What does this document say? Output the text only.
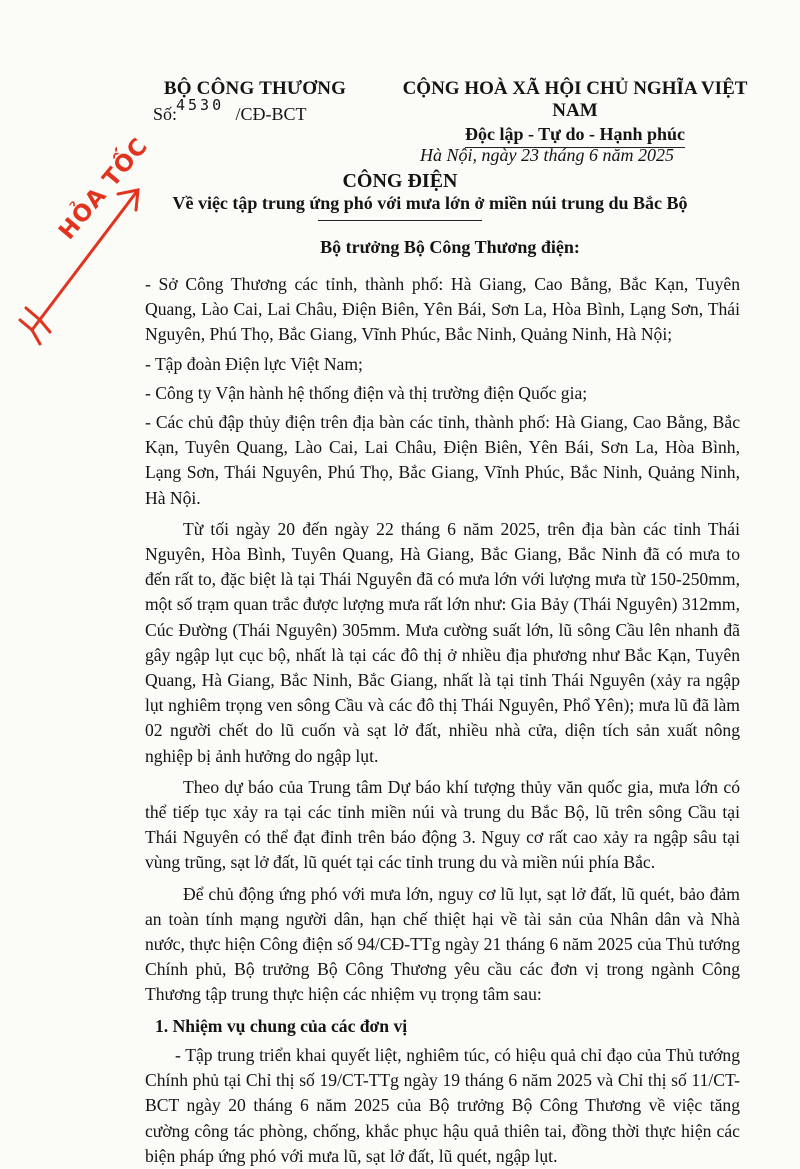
BỘ CÔNG THƯƠNG
Số:
4530 /CĐ-BCT
CỘNG HOÀ XÃ HỘI CHỦ NGHĨA VIỆT NAM
Độc lập - Tự do - Hạnh phúc
Hà Nội, ngày 23 tháng 6 năm 2025
HỎA TỐC	CÔNG ĐIỆN
Về việc tập trung ứng phó với mưa lớn ở miền núi trung du Bắc Bộ
Bộ trưởng Bộ Công Thương điện:

- Sở Công Thương các tỉnh, thành phố: Hà Giang, Cao Bằng, Bắc Kạn, Tuyên Quang, Lào Cai, Lai Châu, Điện Biên, Yên Bái, Sơn La, Hòa Bình, Lạng Sơn, Thái Nguyên, Phú Thọ, Bắc Giang, Vĩnh Phúc, Bắc Ninh, Quảng Ninh, Hà Nội;

- Tập đoàn Điện lực Việt Nam;

- Công ty Vận hành hệ thống điện và thị trường điện Quốc gia;

- Các chủ đập thủy điện trên địa bàn các tỉnh, thành phố: Hà Giang, Cao Bằng, Bắc Kạn, Tuyên Quang, Lào Cai, Lai Châu, Điện Biên, Yên Bái, Sơn La, Hòa Bình, Lạng Sơn, Thái Nguyên, Phú Thọ, Bắc Giang, Vĩnh Phúc, Bắc Ninh, Quảng Ninh, Hà Nội.

Từ tối ngày 20 đến ngày 22 tháng 6 năm 2025, trên địa bàn các tỉnh Thái Nguyên, Hòa Bình, Tuyên Quang, Hà Giang, Bắc Giang, Bắc Ninh đã có mưa to đến rất to, đặc biệt là tại Thái Nguyên đã có mưa lớn với lượng mưa từ 150-250mm, một số trạm quan trắc được lượng mưa rất lớn như: Gia Bảy (Thái Nguyên) 312mm, Cúc Đường (Thái Nguyên) 305mm. Mưa cường suất lớn, lũ sông Cầu lên nhanh đã gây ngập lụt cục bộ, nhất là tại các đô thị ở nhiều địa phương như Bắc Kạn, Tuyên Quang, Hà Giang, Bắc Ninh, Bắc Giang, nhất là tại tỉnh Thái Nguyên (xảy ra ngập lụt nghiêm trọng ven sông Cầu và các đô thị Thái Nguyên, Phổ Yên); mưa lũ đã làm 02 người chết do lũ cuốn và sạt lở đất, nhiều nhà cửa, diện tích sản xuất nông nghiệp bị ảnh hưởng do ngập lụt.

Theo dự báo của Trung tâm Dự báo khí tượng thủy văn quốc gia, mưa lớn có thể tiếp tục xảy ra tại các tỉnh miền núi và trung du Bắc Bộ, lũ trên sông Cầu tại Thái Nguyên có thể đạt đỉnh trên báo động 3. Nguy cơ rất cao xảy ra ngập sâu tại vùng trũng, sạt lở đất, lũ quét tại các tỉnh trung du và miền núi phía Bắc.

Để chủ động ứng phó với mưa lớn, nguy cơ lũ lụt, sạt lở đất, lũ quét, bảo đảm an toàn tính mạng người dân, hạn chế thiệt hại về tài sản của Nhân dân và Nhà nước, thực hiện Công điện số 94/CĐ-TTg ngày 21 tháng 6 năm 2025 của Thủ tướng Chính phủ, Bộ trưởng Bộ Công Thương yêu cầu các đơn vị trong ngành Công Thương tập trung thực hiện các nhiệm vụ trọng tâm sau:

1. Nhiệm vụ chung của các đơn vị

- Tập trung triển khai quyết liệt, nghiêm túc, có hiệu quả chỉ đạo của Thủ tướng Chính phủ tại Chỉ thị số 19/CT-TTg ngày 19 tháng 6 năm 2025 và Chỉ thị số 11/CT-BCT ngày 20 tháng 6 năm 2025 của Bộ trưởng Bộ Công Thương về việc tăng cường công tác phòng, chống, khắc phục hậu quả thiên tai, đồng thời thực hiện các biện pháp ứng phó với mưa lũ, sạt lở đất, lũ quét, ngập lụt.
